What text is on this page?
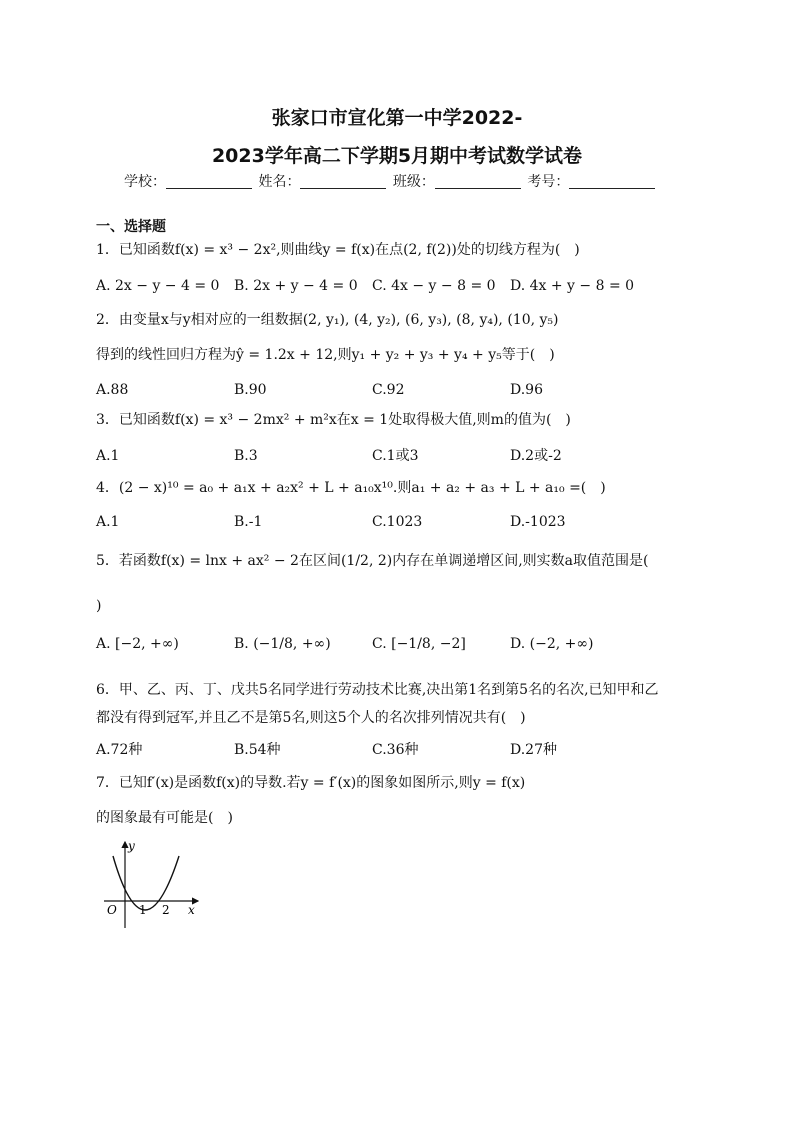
张家口市宣化第一中学2022-
2023学年高二下学期5月期中考试数学试卷
学校：	姓名：	班级：	考号：
一、选择题
1．已知函数f(x) = x³ − 2x²,则曲线y = f(x)在点(2, f(2))处的切线方程为(　)
A. 2x − y − 4 = 0 B. 2x + y − 4 = 0 C. 4x − y − 8 = 0 D. 4x + y − 8 = 0
2．由变量x与y相对应的一组数据(2, y₁), (4, y₂), (6, y₃), (8, y₄), (10, y₅)
得到的线性回归方程为ŷ = 1.2x + 12,则y₁ + y₂ + y₃ + y₄ + y₅等于(　)
A.88	B.90	C.92	D.96
3．已知函数f(x) = x³ − 2mx² + m²x在x = 1处取得极大值,则m的值为(　)
A.1	B.3	C.1或3	D.2或-2
4．(2 − x)¹⁰ = a₀ + a₁x + a₂x² + L + a₁₀x¹⁰.则a₁ + a₂ + a₃ + L + a₁₀ =(　)
A.1	B.-1	C.1023	D.-1023
5．若函数f(x) = lnx + ax² − 2在区间(1/2, 2)内存在单调递增区间,则实数a取值范围是(
)
A. [−2, +∞)	B. (−1/8, +∞)	C. [−1/8, −2]	D. (−2, +∞)
6．甲、乙、丙、丁、戊共5名同学进行劳动技术比赛,决出第1名到第5名的名次,已知甲和乙
都没有得到冠军,并且乙不是第5名,则这5个人的名次排列情况共有(　)
A.72种	B.54种	C.36种	D.27种
7．已知f′(x)是函数f(x)的导数.若y = f′(x)的图象如图所示,则y = f(x)
的图象最有可能是(　)
y
x
O 1 2
